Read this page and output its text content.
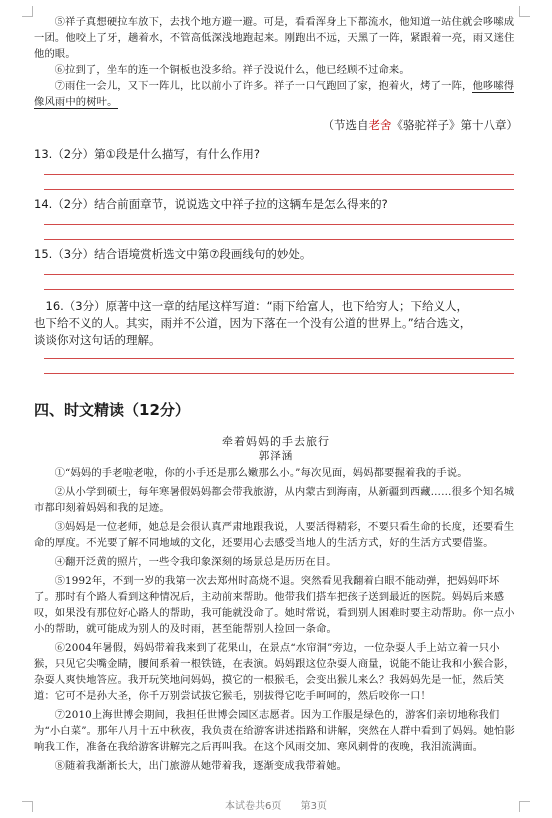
⑤祥子真想硬拉车放下，去找个地方避一避。可是，看看浑身上下都流水，他知道一站住就会哆嗦成一团。他咬上了牙，趟着水，不管高低深浅地跑起来。刚跑出不远，天黑了一阵，紧跟着一亮，雨又迷住他的眼。

⑥拉到了，坐车的连一个铜板也没多给。祥子没说什么，他已经顾不过命来。

⑦雨住一会儿，又下一阵儿，比以前小了许多。祥子一口气跑回了家，抱着火，烤了一阵，他哆嗦得像风雨中的树叶。

（节选自老舍《骆驼祥子》第十八章）

13.（2分）第①段是什么描写，有什么作用?

14.（2分）结合前面章节，说说选文中祥子拉的这辆车是怎么得来的?

15.（3分）结合语境赏析选文中第⑦段画线句的妙处。

16.（3分）原著中这一章的结尾这样写道：“雨下给富人，也下给穷人；下给义人，

也下给不义的人。其实，雨并不公道，因为下落在一个没有公道的世界上。”结合选文，

谈谈你对这句话的理解。

四、时文精读（12分）

牵着妈妈的手去旅行

郭泽涵

①“妈妈的手老啦老啦，你的小手还是那么嫩那么小。”每次见面，妈妈都要握着我的手说。

②从小学到硕士，每年寒暑假妈妈都会带我旅游，从内蒙古到海南，从新疆到西藏……很多个知名城市都印刻着妈妈和我的足迹。

③妈妈是一位老师，她总是会很认真严肃地跟我说，人要活得精彩，不要只看生命的长度，还要看生命的厚度。不光要了解不同地域的文化，还要用心去感受当地人的生活方式，好的生活方式要借鉴。

④翻开泛黄的照片，一些令我印象深刻的场景总是历历在目。

⑤1992年，不到一岁的我第一次去郑州时高烧不退。突然看见我翻着白眼不能动弹，把妈妈吓坏了。那时有个路人看到这种情况后，主动前来帮助。他带我们搭车把孩子送到最近的医院。妈妈后来感叹，如果没有那位好心路人的帮助，我可能就没命了。她时常说，看到别人困难时要主动帮助。你一点小小的帮助，就可能成为别人的及时雨，甚至能帮别人捡回一条命。

⑥2004年暑假，妈妈带着我来到了花果山，在景点“水帘洞”旁边，一位杂耍人手上站立着一只小猴，只见它尖嘴金睛，腰间系着一根铁链，在表演。妈妈跟这位杂耍人商量，说能不能让我和小猴合影，杂耍人爽快地答应。我开玩笑地问妈妈，摸它的一根猴毛，会变出猴儿来么？我妈妈先是一怔，然后笑道：它可不是孙大圣，你千万别尝试拔它猴毛，别拔得它吃手呵呵的，然后咬你一口！

⑦2010上海世博会期间，我担任世博会园区志愿者。因为工作服是绿色的，游客们亲切地称我们为“小白菜”。那年八月十五中秋夜，我负责在给游客讲述指路和讲解，突然在人群中看到了妈妈。她怕影响我工作，准备在我给游客讲解完之后再叫我。在这个风雨交加、寒风刺骨的夜晚，我泪流满面。

⑧随着我渐渐长大，出门旅游从她带着我，逐渐变成我带着她。

本试卷共6页 第3页
